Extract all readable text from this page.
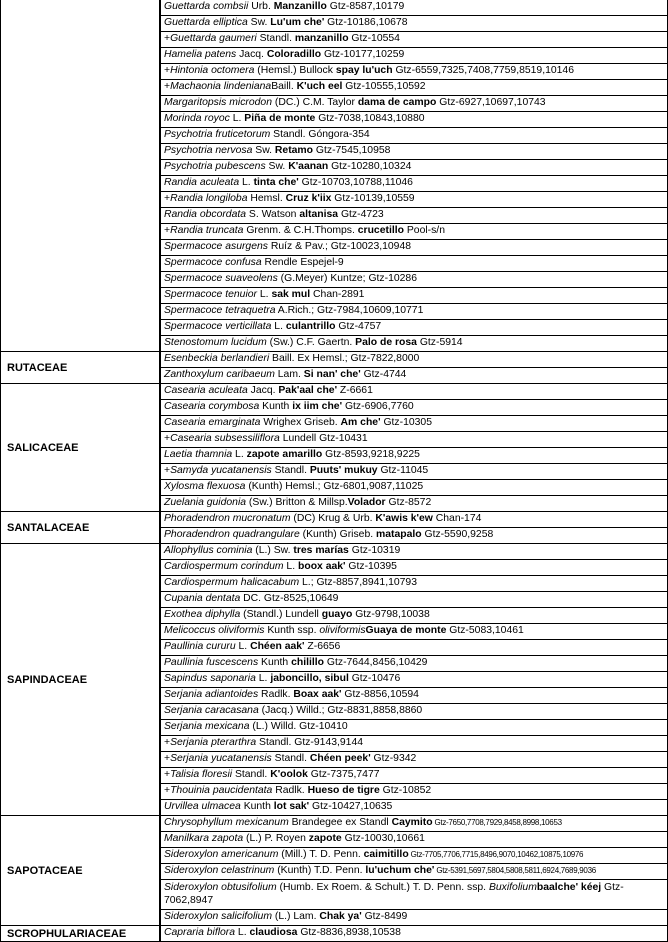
Guettarda combsii Urb. Manzanillo Gtz-8587,10179
Guettarda elliptica Sw. Lu'um che' Gtz-10186,10678
+Guettarda gaumeri Standl. manzanillo Gtz-10554
Hamelia patens Jacq. Coloradillo Gtz-10177,10259
+Hintonia octomera (Hemsl.) Bullock spay lu'uch Gtz-6559,7325,7408,7759,8519,10146
+Machaonia lindenianaBaill. K'uch eel Gtz-10555,10592
Margaritopsis microdon (DC.) C.M. Taylor dama de campo Gtz-6927,10697,10743
Morinda royoc L. Piña de monte Gtz-7038,10843,10880
Psychotria fruticetorum Standl. Góngora-354
Psychotria nervosa Sw. Retamo Gtz-7545,10958
Psychotria pubescens Sw. K'aanan Gtz-10280,10324
Randia aculeata L. tinta che' Gtz-10703,10788,11046
+Randia longiloba Hemsl. Cruz k'iix Gtz-10139,10559
Randia obcordata S. Watson altanisa Gtz-4723
+Randia truncata Grenm. & C.H.Thomps. crucetillo Pool-s/n
Spermacoce asurgens Ruíz & Pav.; Gtz-10023,10948
Spermacoce confusa Rendle Espejel-9
Spermacoce suaveolens (G.Meyer) Kuntze; Gtz-10286
Spermacoce tenuior L. sak mul Chan-2891
Spermacoce tetraquetra A.Rich.; Gtz-7984,10609,10771
Spermacoce verticillata L. culantrillo Gtz-4757
Stenostomum lucidum (Sw.) C.F. Gaertn. Palo de rosa Gtz-5914
Esenbeckia berlandieri Baill. Ex Hemsl.; Gtz-7822,8000
Zanthoxylum caribaeum Lam. Si nan' che' Gtz-4744
RUTACEAE
Casearia aculeata Jacq. Pak'aal che' Z-6661
Casearia corymbosa Kunth ix iim che' Gtz-6906,7760
Casearia emarginata Wrighex Griseb. Am che' Gtz-10305
+Casearia subsessiliflora Lundell Gtz-10431
Laetia thamnia L. zapote amarillo Gtz-8593,9218,9225
+Samyda yucatanensis Standl. Puuts' mukuy Gtz-11045
Xylosma flexuosa (Kunth) Hemsl.; Gtz-6801,9087,11025
Zuelania guidonia (Sw.) Britton & Millsp.Volador Gtz-8572
SALICACEAE
Phoradendron mucronatum (DC) Krug & Urb. K'awis k'ew Chan-174
Phoradendron quadrangulare (Kunth) Griseb. matapalo Gtz-5590,9258
SANTALACEAE
Allophyllus cominia (L.) Sw. tres marías Gtz-10319
Cardiospermum corindum L. boox aak' Gtz-10395
Cardiospermum halicacabum L.; Gtz-8857,8941,10793
Cupania dentata DC. Gtz-8525,10649
Exothea diphylla (Standl.) Lundell guayo Gtz-9798,10038
Melicoccus oliviformis Kunth ssp. oliviformisGuaya de monte Gtz-5083,10461
Paullinia cururu L. Chéen aak' Z-6656
Paullinia fuscescens Kunth chilillo Gtz-7644,8456,10429
Sapindus saponaria L. jaboncillo, sibul Gtz-10476
Serjania adiantoides Radlk. Boax aak' Gtz-8856,10594
Serjania caracasana (Jacq.) Willd.; Gtz-8831,8858,8860
Serjania mexicana (L.) Willd. Gtz-10410
+Serjania pterarthra Standl. Gtz-9143,9144
+Serjania yucatanensis Standl. Chéen peek' Gtz-9342
+Talisia floresii Standl. K'oolok Gtz-7375,7477
+Thouinia paucidentata Radlk. Hueso de tigre Gtz-10852
Urvillea ulmacea Kunth lot sak' Gtz-10427,10635
SAPINDACEAE
Chrysophyllum mexicanum Brandegee ex Standl Caymito Gtz-7650,7708,7929,8458,8998,10653
Manilkara zapota (L.) P. Royen zapote Gtz-10030,10661
Sideroxylon americanum (Mill.) T. D. Penn. caimitillo Gtz-7705,7706,7715,8496,9070,10462,10875,10976
Sideroxylon celastrinum (Kunth) T.D. Penn. lu'uchum che' Gtz-5391,5697,5804,5808,5811,6924,7689,9036
Sideroxylon obtusifolium (Humb. Ex Roem. & Schult.) T. D. Penn. ssp. Buxifoliumbaalche' kéej Gtz-7062,8947
Sideroxylon salicifolium (L.) Lam. Chak ya' Gtz-8499
SAPOTACEAE
Capraria biflora L. claudiosa Gtz-8836,8938,10538
SCROPHULARIACEAE
